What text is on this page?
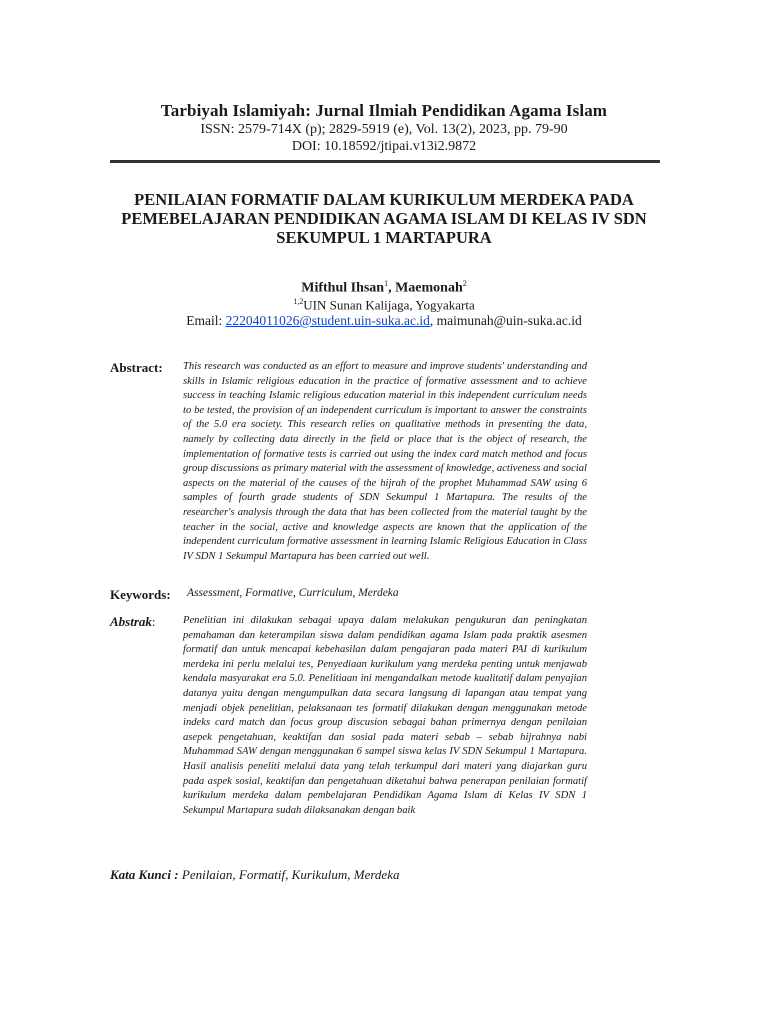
Tarbiyah Islamiyah: Jurnal Ilmiah Pendidikan Agama Islam
ISSN: 2579-714X (p); 2829-5919 (e), Vol. 13(2), 2023, pp. 79-90
DOI: 10.18592/jtipai.v13i2.9872
PENILAIAN FORMATIF DALAM KURIKULUM MERDEKA PADA PEMEBELAJARAN PENDIDIKAN AGAMA ISLAM DI KELAS IV SDN SEKUMPUL 1 MARTAPURA
Mifthul Ihsan$^1$, Maemonah$^2$
$^{1,2}$UIN Sunan Kalijaga, Yogyakarta
Email: 22204011026@student.uin-suka.ac.id, maimunah@uin-suka.ac.id
Abstract: This research was conducted as an effort to measure and improve students' understanding and skills in Islamic religious education in the practice of formative assessment and to achieve success in teaching Islamic religious education material in this independent curriculum needs to be tested, the provision of an independent curriculum is important to answer the constraints of the 5.0 era society. This research relies on qualitative methods in presenting the data, namely by collecting data directly in the field or place that is the object of research, the implementation of formative tests is carried out using the index card match method and focus group discussions as primary material with the assessment of knowledge, activeness and social aspects on the material of the causes of the hijrah of the prophet Muhammad SAW using 6 samples of fourth grade students of SDN Sekumpul 1 Martapura. The results of the researcher's analysis through the data that has been collected from the material taught by the teacher in the social, active and knowledge aspects are known that the application of the independent curriculum formative assessment in learning Islamic Religious Education in Class IV SDN 1 Sekumpul Martapura has been carried out well.

Keywords: Assessment, Formative, Curriculum, Merdeka
Abstrak:	Penelitian ini dilakukan sebagai upaya dalam melakukan pengukuran dan peningkatan pemahaman dan keterampilan siswa dalam pendidikan agama Islam pada praktik asesmen formatif dan untuk mencapai kebehasilan dalam pengajaran pada materi PAI di kurikulum merdeka ini perlu melalui tes, Penyediaan kurikulum yang merdeka penting untuk menjawab kendala masyarakat era 5.0. Penelitiaan ini mengandalkan metode kualitatif dalam penyajian datanya yaitu dengan mengumpulkan data secara langsung di lapangan atau tempat yang menjadi objek penelitian, pelaksanaan tes formatif dilakukan dengan menggunakan metode indeks card match dan focus group discusion sebagai bahan primernya dengan penilaian asepek pengetahuan, keaktifan dan sosial pada materi sebab – sebab hijrahnya nabi Muhammad SAW dengan menggunakan 6 sampel siswa kelas IV SDN Sekumpul 1 Martapura. Hasil analisis peneliti melalui data yang telah terkumpul dari materi yang diajarkan guru pada aspek sosial, keaktifan dan pengetahuan diketahui bahwa penerapan penilaian formatif kurikulum merdeka dalam pembelajaran Pendidikan Agama Islam di Kelas IV SDN 1 Sekumpul Martapura sudah dilaksanakan dengan baik

Kata Kunci : Penilaian, Formatif, Kurikulum, Merdeka
